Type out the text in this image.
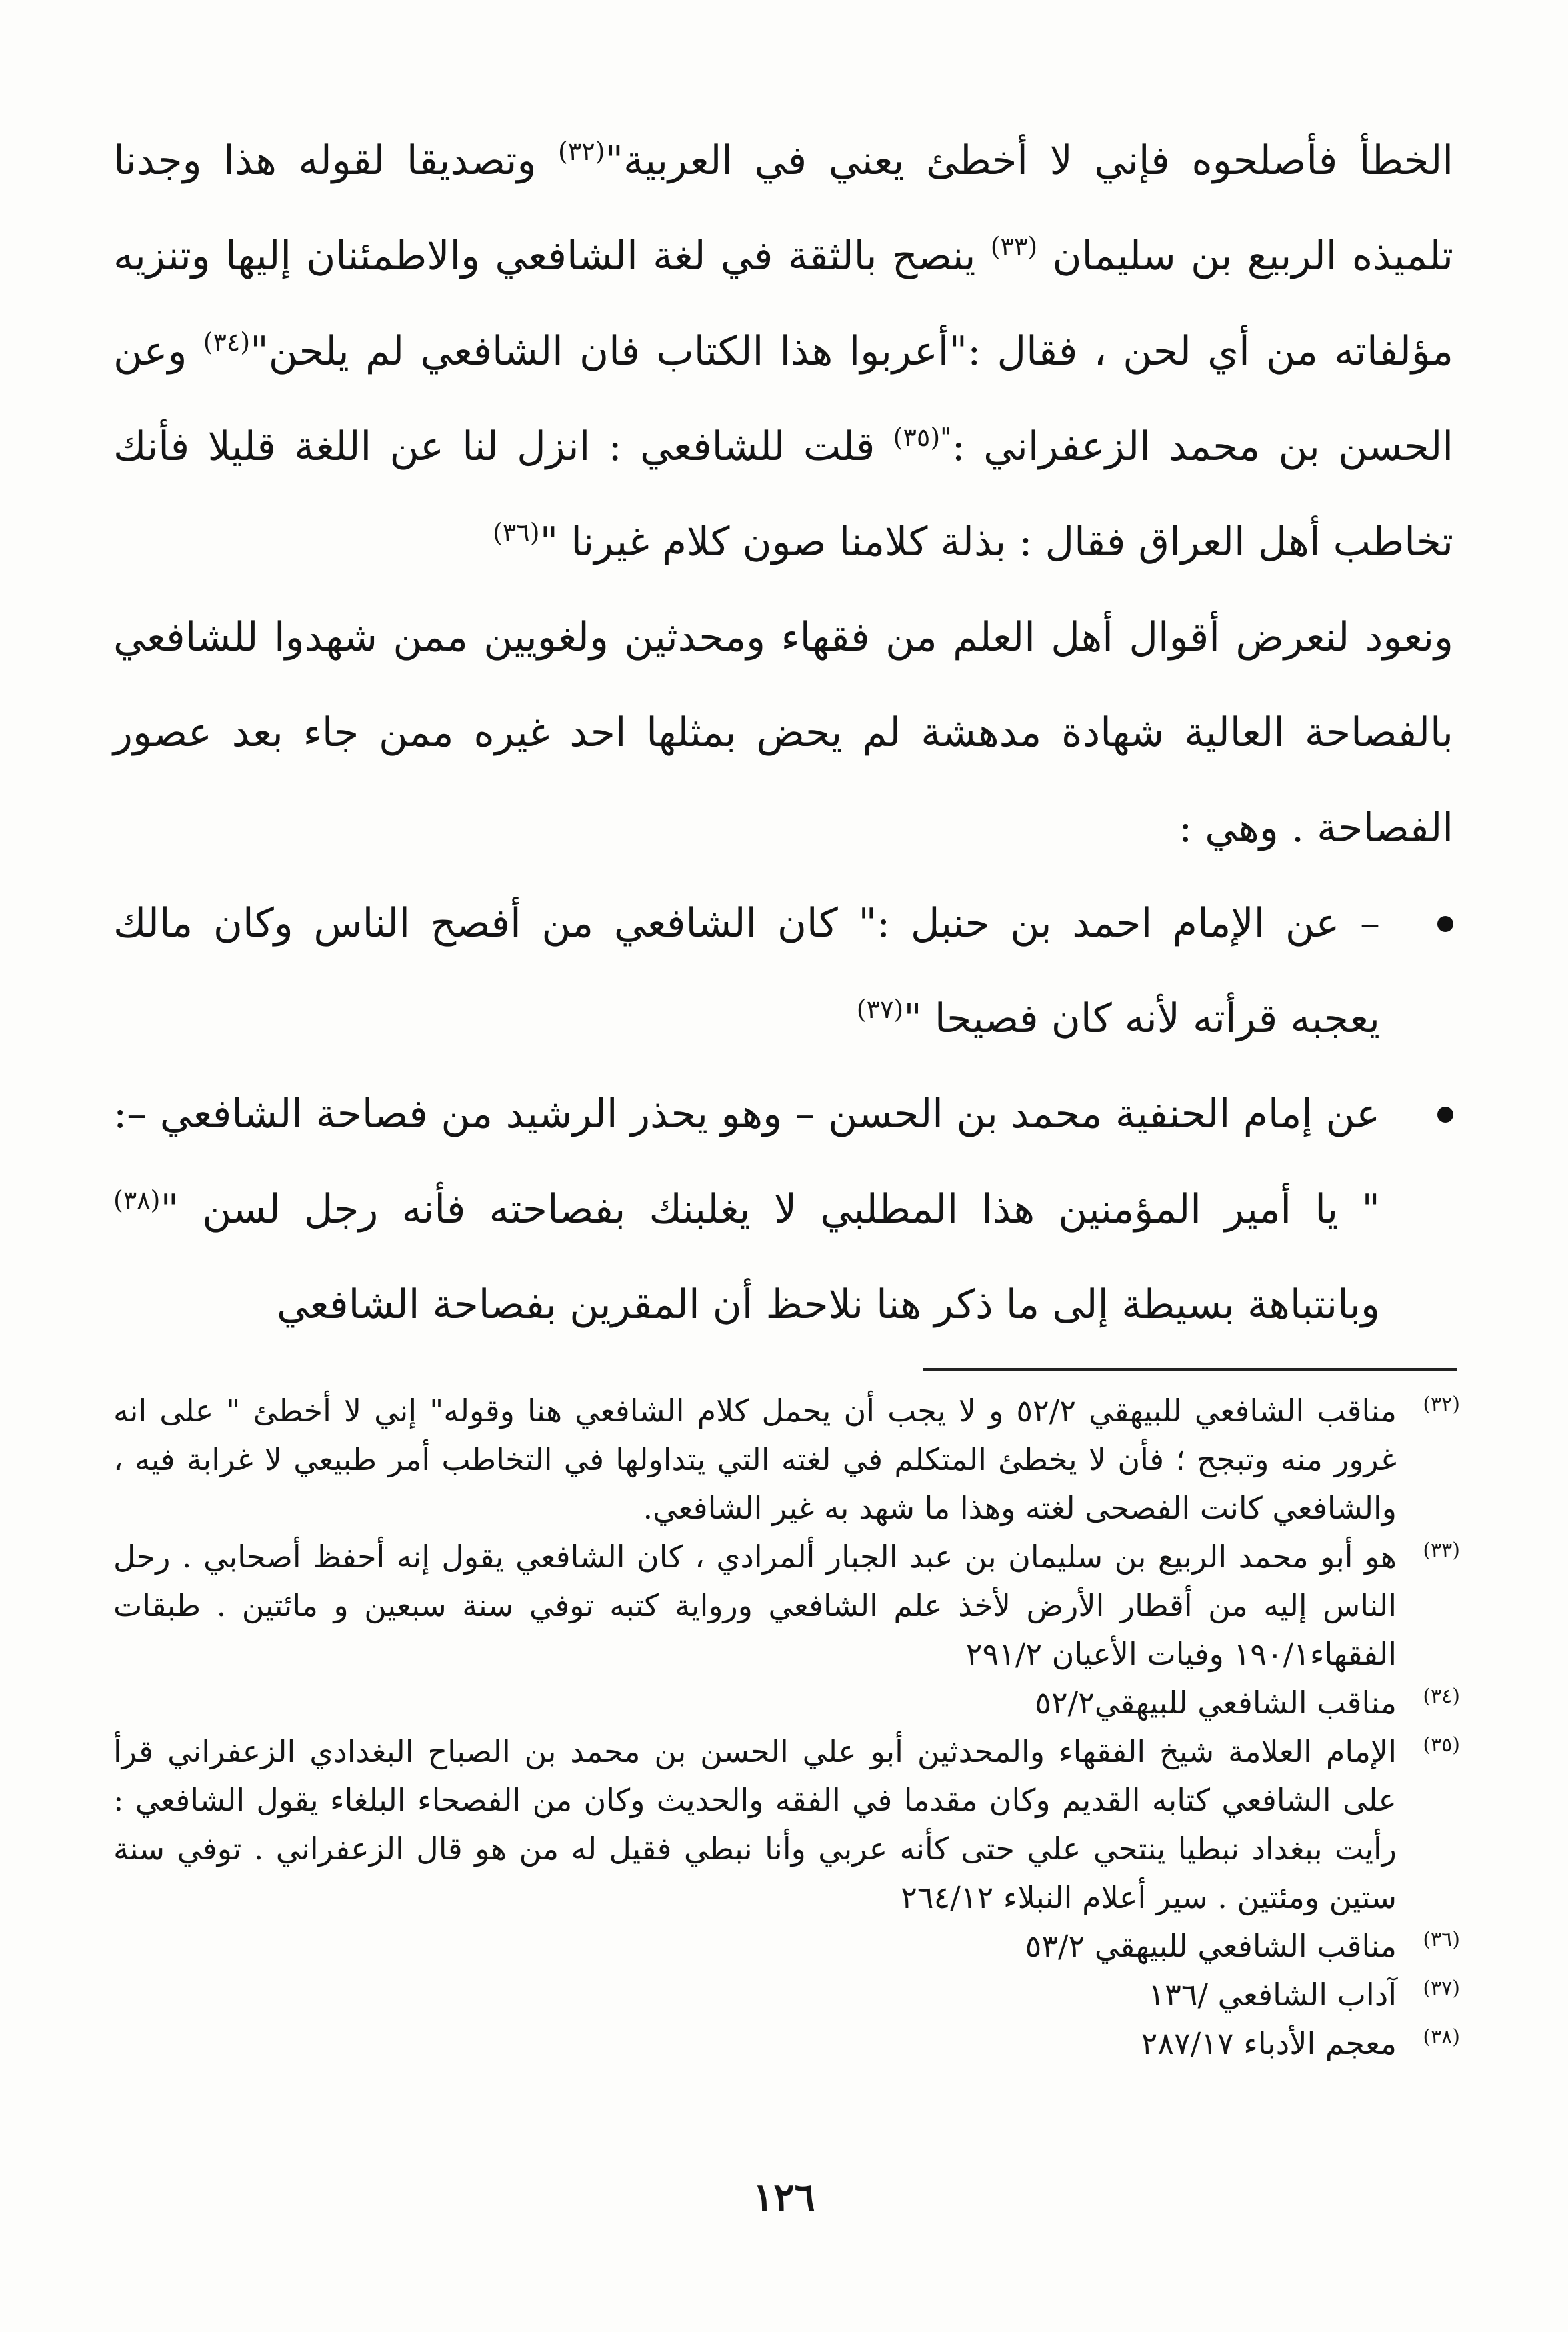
الخطأ فأصلحوه فإني لا أخطئ يعني في العربية"$^{(٣٢)}$ وتصديقا لقوله هذا وجدنا تلميذه الربيع بن سليمان $^{(٣٣)}$ ينصح بالثقة في لغة الشافعي والاطمئنان إليها وتنزيه مؤلفاته من أي لحن ، فقال :"أعربوا هذا الكتاب فان الشافعي لم يلحن"$^{(٣٤)}$ وعن الحسن بن محمد الزعفراني :$^{"(٣٥)}$ قلت للشافعي : انزل لنا عن اللغة قليلا فأنك تخاطب أهل العراق فقال : بذلة كلامنا صون كلام غيرنا "$^{(٣٦)}$

ونعود لنعرض أقوال أهل العلم من فقهاء ومحدثين ولغويين ممن شهدوا للشافعي بالفصاحة العالية شهادة مدهشة لم يحض بمثلها احد غيره ممن جاء بعد عصور الفصاحة . وهي :

– عن الإمام احمد بن حنبل :" كان الشافعي من أفصح الناس وكان مالك يعجبه قرأته لأنه كان فصيحا "$^{(٣٧)}$

عن إمام الحنفية محمد بن الحسن – وهو يحذر الرشيد من فصاحة الشافعي –: " يا أمير المؤمنين هذا المطلبي لا يغلبنك بفصاحته فأنه رجل لسن "$^{(٣٨)}$ وبانتباهة بسيطة إلى ما ذكر هنا نلاحظ أن المقرين بفصاحة الشافعي

(٣٢)
مناقب الشافعي للبيهقي ٥٢/٢ و لا يجب أن يحمل كلام الشافعي هنا وقوله" إني لا أخطئ " على انه غرور منه وتبجح ؛ فأن لا يخطئ المتكلم في لغته التي يتداولها في التخاطب أمر طبيعي لا غرابة فيه ، والشافعي كانت الفصحى لغته وهذا ما شهد به غير الشافعي.

(٣٣)
هو أبو محمد الربيع بن سليمان بن عبد الجبار ألمرادي ، كان الشافعي يقول إنه أحفظ أصحابي . رحل الناس إليه من أقطار الأرض لأخذ علم الشافعي ورواية كتبه توفي سنة سبعين و مائتين . طبقات الفقهاء١٩٠/١ وفيات الأعيان ٢٩١/٢

(٣٤)
مناقب الشافعي للبيهقي٥٢/٢

(٣٥)
الإمام العلامة شيخ الفقهاء والمحدثين أبو علي الحسن بن محمد بن الصباح البغدادي الزعفراني قرأ على الشافعي كتابه القديم وكان مقدما في الفقه والحديث وكان من الفصحاء البلغاء يقول الشافعي : رأيت ببغداد نبطيا ينتحي علي حتى كأنه عربي وأنا نبطي فقيل له من هو قال الزعفراني . توفي سنة ستين ومئتين . سير أعلام النبلاء ٢٦٤/١٢

(٣٦)
مناقب الشافعي للبيهقي ٥٣/٢

(٣٧)
آداب الشافعي /١٣٦

(٣٨)
معجم الأدباء ٢٨٧/١٧

١٢٦
